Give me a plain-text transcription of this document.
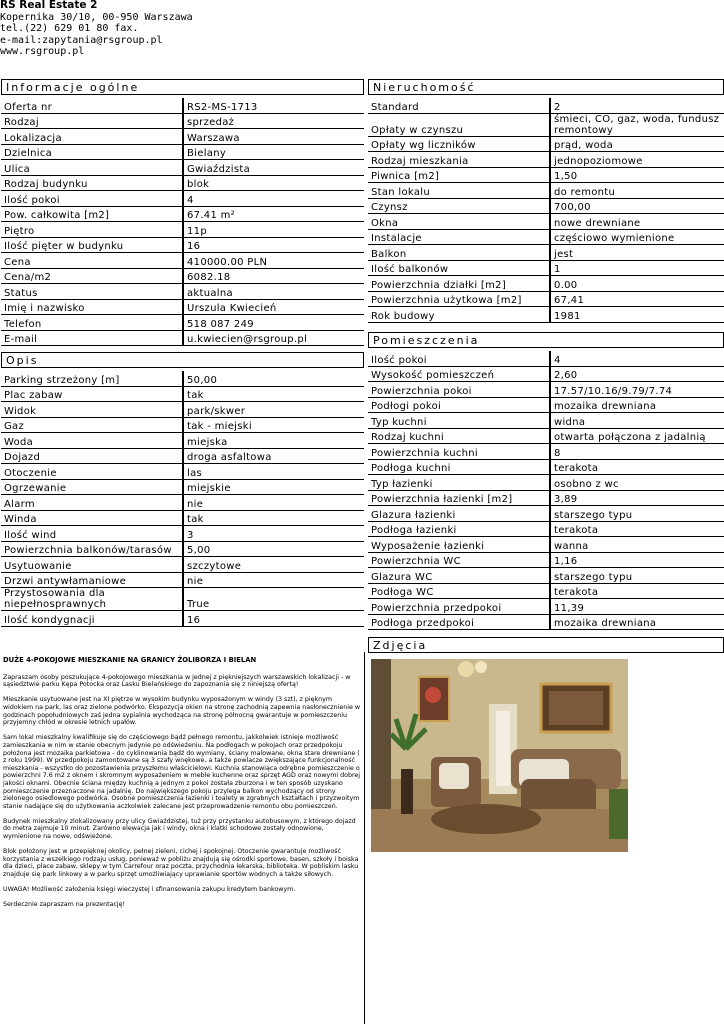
RS Real Estate 2
Kopernika 30/10, 00-950 Warszawa
tel.(22) 629 01 80 fax.
e-mail:zapytania@rsgroup.pl
www.rsgroup.pl
Informacje ogólne
Oferta nr	RS2-MS-1713
Rodzaj	sprzedaż
Lokalizacja	Warszawa
Dzielnica	Bielany
Ulica	Gwiaździsta
Rodzaj budynku	blok
Ilość pokoi	4
Pow. całkowita [m2]	67.41 m²
Piętro	11p
Ilość pięter w budynku	16
Cena	410000.00 PLN
Cena/m2	6082.18
Status	aktualna
Imię i nazwisko	Urszula Kwiecień
Telefon	518 087 249
E-mail	u.kwiecien@rsgroup.pl
Opis
Parking strzeżony [m]	50,00
Plac zabaw	tak
Widok	park/skwer
Gaz	tak - miejski
Woda	miejska
Dojazd	droga asfaltowa
Otoczenie	las
Ogrzewanie	miejskie
Alarm	nie
Winda	tak
Ilość wind	3
Powierzchnia balkonów/tarasów	5,00
Usytuowanie	szczytowe
Drzwi antywłamaniowe	nie
Przystosowania dla niepełnosprawnych	True
Ilość kondygnacji	16
Nieruchomość
Standard	2
Opłaty w czynszu	śmieci, CO, gaz, woda, fundusz remontowy
Opłaty wg liczników	prąd, woda
Rodzaj mieszkania	jednopoziomowe
Piwnica [m2]	1,50
Stan lokalu	do remontu
Czynsz	700,00
Okna	nowe drewniane
Instalacje	częściowo wymienione
Balkon	jest
Ilość balkonów	1
Powierzchnia działki [m2]	0.00
Powierzchnia użytkowa [m2]	67,41
Rok budowy	1981
Pomieszczenia
Ilość pokoi	4
Wysokość pomieszczeń	2,60
Powierzchnia pokoi	17.57/10.16/9.79/7.74
Podłogi pokoi	mozaika drewniana
Typ kuchni	widna
Rodzaj kuchni	otwarta połączona z jadalnią
Powierzchnia kuchni	8
Podłoga kuchni	terakota
Typ łazienki	osobno z wc
Powierzchnia łazienki [m2]	3,89
Glazura łazienki	starszego typu
Podłoga łazienki	terakota
Wyposażenie łazienki	wanna
Powierzchnia WC	1,16
Glazura WC	starszego typu
Podłoga WC	terakota
Powierzchnia przedpokoi	11,39
Podłoga przedpokoi	mozaika drewniana
Zdjęcia

DUŻE 4-POKOJOWE MIESZKANIE NA GRANICY ŻOLIBORZA I BIELAN

Zapraszam osoby poszukujące 4-pokojowego mieszkania w jednej z piękniejszych warszawskich lokalizacji - w sąsiedztwie parku Kępa Potocka oraz Lasku Bielańskiego do zapoznania się z niniejszą ofertą!

Mieszkanie usytuowane jest na XI piętrze w wysokim budynku wyposażonym w windy (3 szt), z pięknym widokiem na park, las oraz zielone podwórko. Ekspozycja okien na stronę zachodnią zapewnia nasłonecznienie w godzinach popołudniowych zaś jedna sypialnia wychodząca na stronę północną gwarantuje w pomieszczeniu przyjemny chłód w okresie letnich upałów.

Sam lokal mieszkalny kwalifikuje się do częściowego bądź pełnego remontu, jakkolwiek istnieje możliwość zamieszkania w nim w stanie obecnym jedynie po odświeżeniu. Na podłogach w pokojach oraz przedpokoju położona jest mozaika parkietowa - do cyklinowania bądź do wymiany, ściany malowane, okna stare drewniane ( z roku 1999). W przedpokoju zamontowane są 3 szafy wnękowe, a także powlacze zwiększające funkcjonalność mieszkania - wszystko do pozostawienia przyszłemu właścicielowi. Kuchnia stanowiąca odrębne pomieszczenie o powierzchni 7.6 m2 z oknem i skromnym wyposażeniem w meble kuchenne oraz sprzęt AGD oraz nowymi dobrej jakości oknami. Obecnie ściana między kuchnią a jednym z pokoi została zburzona i w ten sposób uzyskano pomieszczenie przeznaczone na jadalnię. Do największego pokoju przylega balkon wychodzący od strony zielonego osiedlowego podwórka. Osobne pomieszczenia łazienki i toalety w zgrabnych kształtach i przyzwoitym stanie nadające się do użytkowania aczkolwiek zalecane jest przeprowadzenie remontu obu pomieszczeń.

Budynek mieszkalny zlokalizowany przy ulicy Gwiaździstej, tuż przy przystanku autobusowym, z którego dojazd do metra zajmuje 10 minut. Zarówno elewacja jak i windy, okna i klatki schodowe zostały odnowione, wymienione na nowe, odświeżone.

Blok położony jest w przepięknej okolicy, pełnej zieleni, cichej i spokojnej. Otoczenie gwarantuje możliwość korzystania z wszelkiego rodzaju usług, ponieważ w pobliżu znajdują się ośrodki sportowe, basen, szkoły i boiska dla dzieci, place zabaw, sklepy w tym Carrefour oraz poczta, przychodnia lekarska, biblioteka. W pobliskim lasku znajduje się park linkowy a w parku sprzęt umożliwiający uprawianie sportów wodnych a także siłowych.

UWAGA! Możliwość założenia księgi wieczystej i sfinansowania zakupu kredytem bankowym.

Serdecznie zapraszam na prezentację!
